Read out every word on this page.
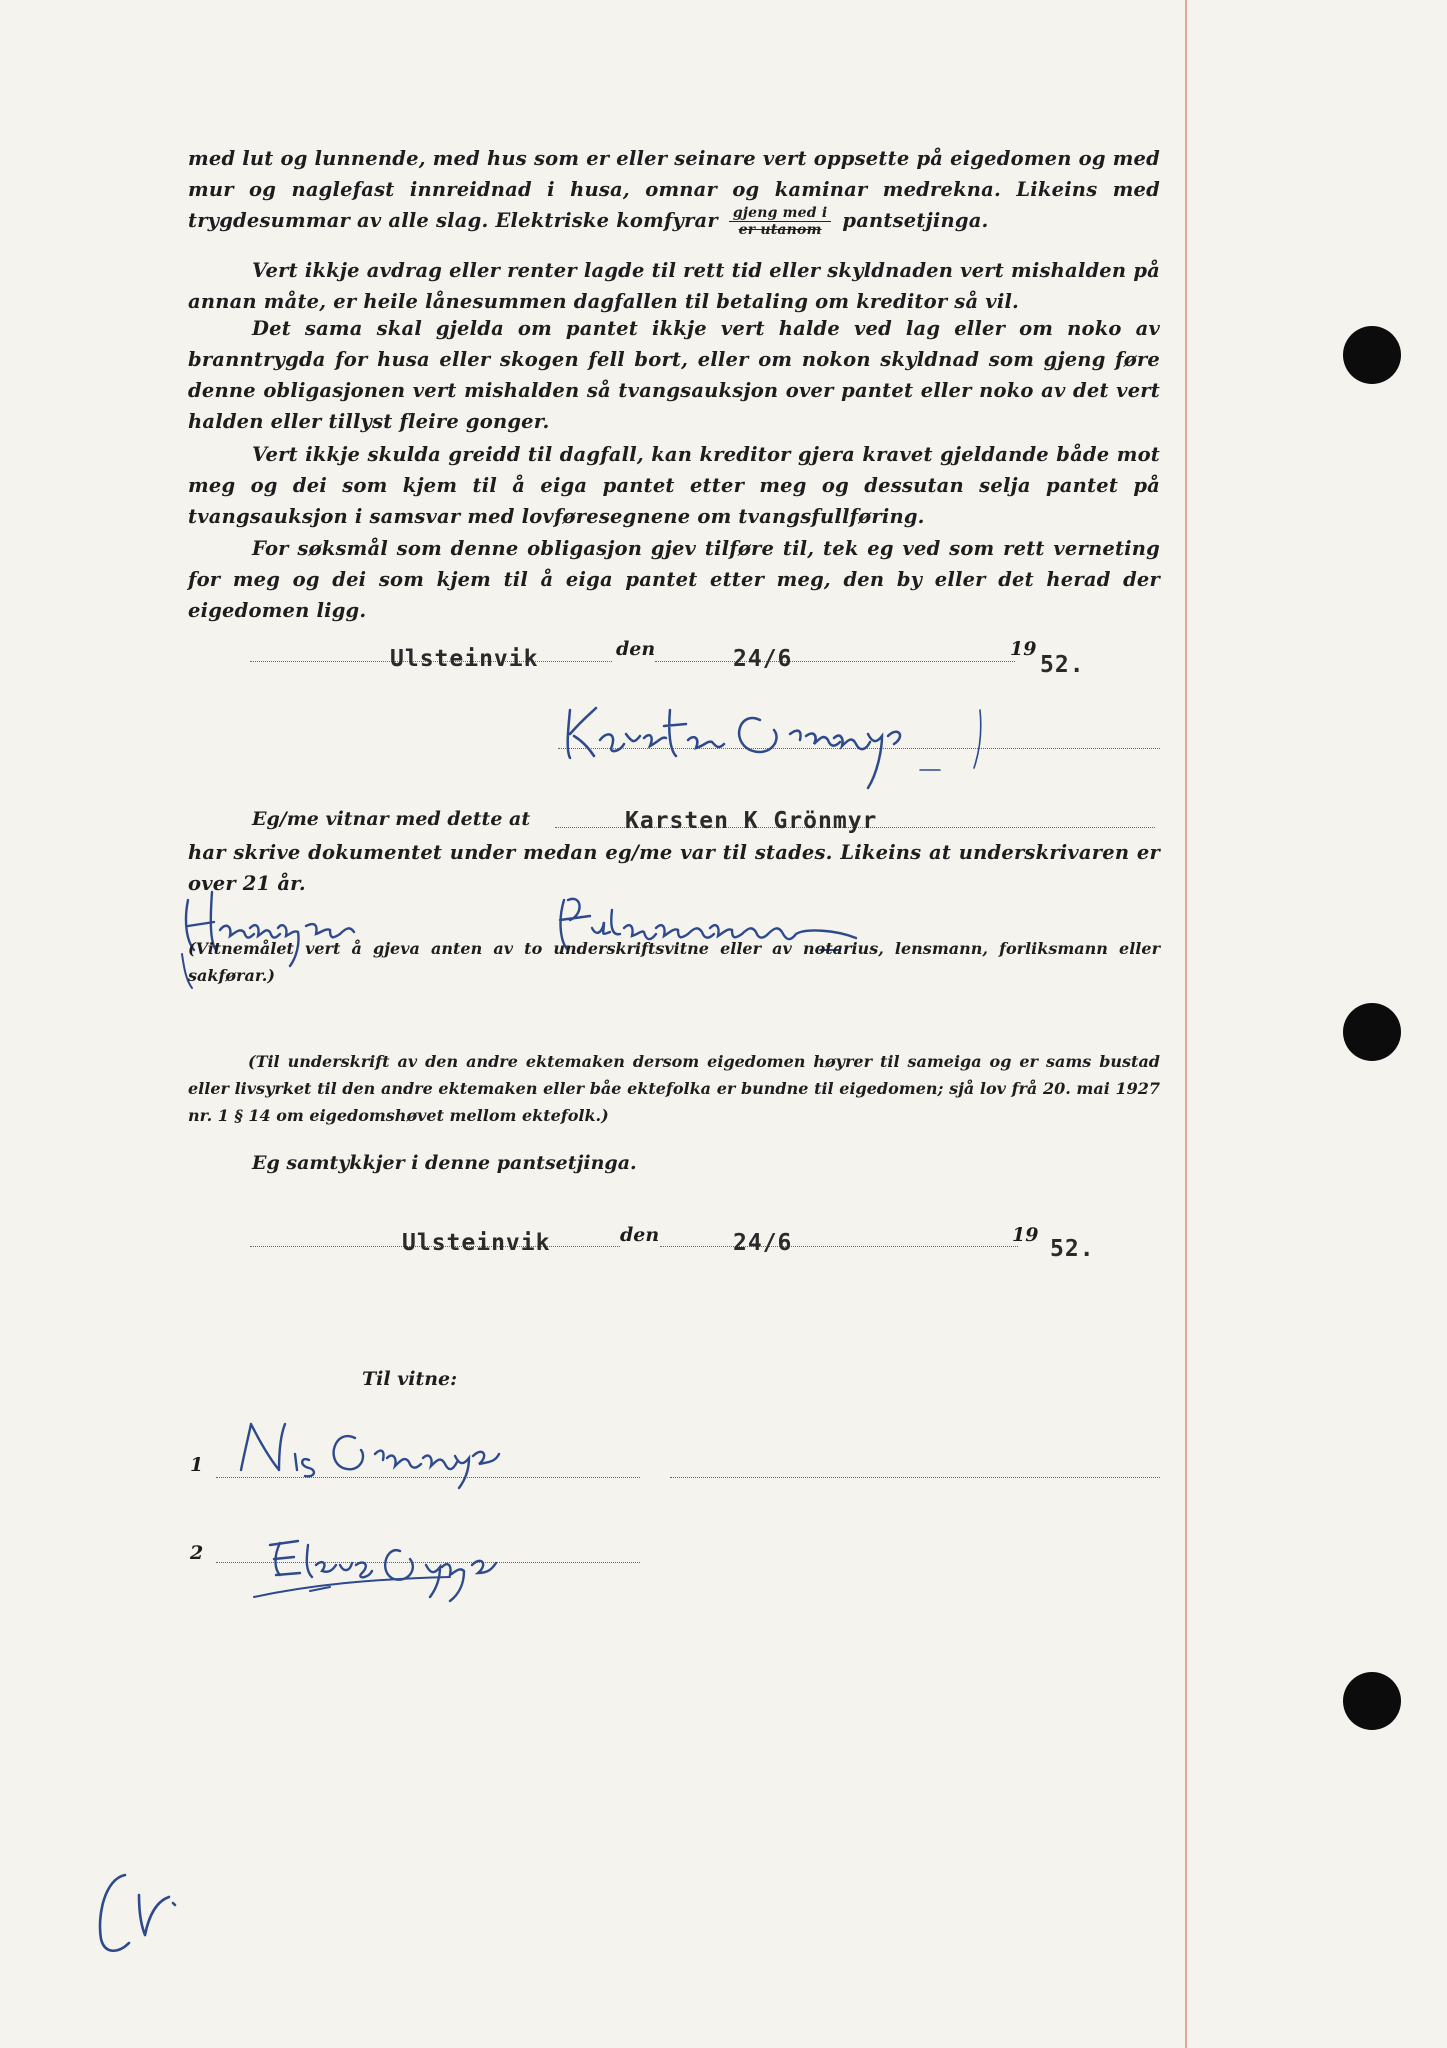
med lut og lunnende, med hus som er eller seinare vert oppsette på eigedomen og med mur og naglefast innreidnad i husa, omnar og kaminar medrekna. Likeins med trygdesummar av alle slag. Elektriske komfyrar $\frac{\text{gjeng med i}}{\text{er utanom}}$ pantsetjinga.
Vert ikkje avdrag eller renter lagde til rett tid eller skyldnaden vert mishalden på annan måte, er heile lånesummen dagfallen til betaling om kreditor så vil.
Det sama skal gjelda om pantet ikkje vert halde ved lag eller om noko av branntrygda for husa eller skogen fell bort, eller om nokon skyldnad som gjeng føre denne obligasjonen vert mishalden så tvangsauksjon over pantet eller noko av det vert halden eller tillyst fleire gonger.
Vert ikkje skulda greidd til dagfall, kan kreditor gjera kravet gjeldande både mot meg og dei som kjem til å eiga pantet etter meg og dessutan selja pantet på tvangsauksjon i samsvar med lovføresegnene om tvangsfullføring.
For søksmål som denne obligasjon gjev tilføre til, tek eg ved som rett verneting for meg og dei som kjem til å eiga pantet etter meg, den by eller det herad der eigedomen ligg.
Ulsteinvik	den	24/6	19
52.
Eg/me vitnar med dette at	Karsten K Grönmyr
har skrive dokumentet under medan eg/me var til stades. Likeins at underskrivaren er over 21 år.
(Vitnemålet vert å gjeva anten av to underskriftsvitne eller av notarius, lensmann, forliksmann eller sakførar.)
(Til underskrift av den andre ektemaken dersom eigedomen høyrer til sameiga og er sams bustad eller livsyrket til den andre ektemaken eller båe ektefolka er bundne til eigedomen; sjå lov frå 20. mai 1927 nr. 1 § 14 om eigedomshøvet mellom ektefolk.)
Eg samtykkjer i denne pantsetjinga.
Ulsteinvik	den	24/6	19
52.
Til vitne:
1
2
